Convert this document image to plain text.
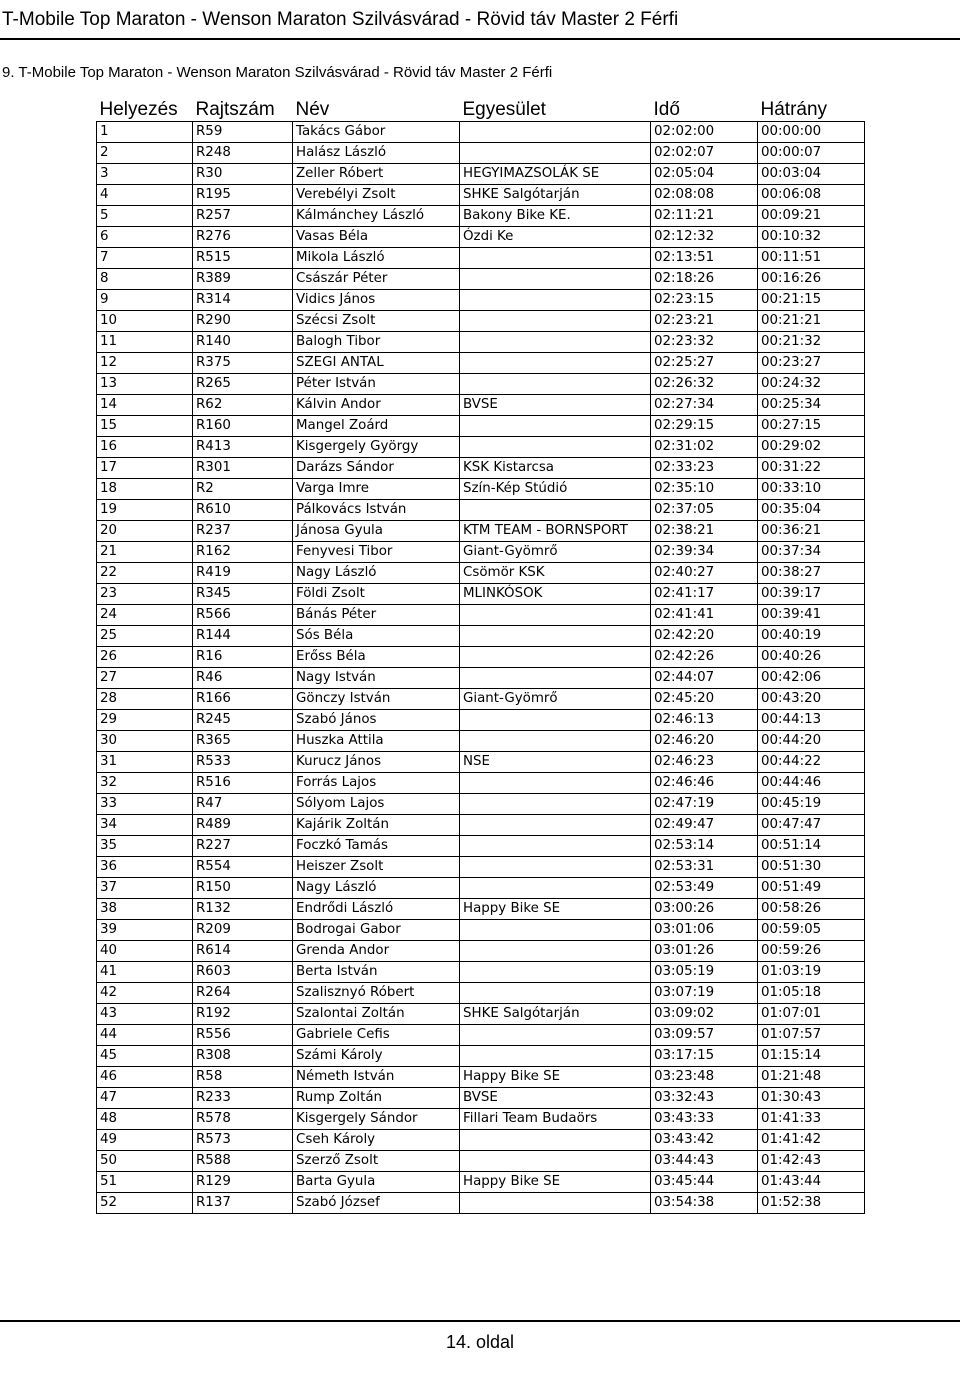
T-Mobile Top Maraton - Wenson Maraton Szilvásvárad - Rövid táv Master 2 Férfi
9. T-Mobile Top Maraton - Wenson Maraton Szilvásvárad - Rövid táv Master 2 Férfi
Helyezés	Rajtszám	Név	Egyesület	Idő	Hátrány
1	R59	Takács Gábor		02:02:00	00:00:00
2	R248	Halász László		02:02:07	00:00:07
3	R30	Zeller Róbert	HEGYIMAZSOLÁK SE	02:05:04	00:03:04
4	R195	Verebélyi Zsolt	SHKE Salgótarján	02:08:08	00:06:08
5	R257	Kálmánchey László	Bakony Bike KE.	02:11:21	00:09:21
6	R276	Vasas Béla	Ózdi Ke	02:12:32	00:10:32
7	R515	Mikola László		02:13:51	00:11:51
8	R389	Császár Péter		02:18:26	00:16:26
9	R314	Vidics János		02:23:15	00:21:15
10	R290	Szécsi Zsolt		02:23:21	00:21:21
11	R140	Balogh Tibor		02:23:32	00:21:32
12	R375	SZEGI ANTAL		02:25:27	00:23:27
13	R265	Péter István		02:26:32	00:24:32
14	R62	Kálvin Andor	BVSE	02:27:34	00:25:34
15	R160	Mangel Zoárd		02:29:15	00:27:15
16	R413	Kisgergely György		02:31:02	00:29:02
17	R301	Darázs Sándor	KSK Kistarcsa	02:33:23	00:31:22
18	R2	Varga Imre	Szín-Kép Stúdió	02:35:10	00:33:10
19	R610	Pálkovács István		02:37:05	00:35:04
20	R237	Jánosa Gyula	KTM TEAM - BORNSPORT	02:38:21	00:36:21
21	R162	Fenyvesi Tibor	Giant-Gyömrő	02:39:34	00:37:34
22	R419	Nagy László	Csömör KSK	02:40:27	00:38:27
23	R345	Földi Zsolt	MLINKÓSOK	02:41:17	00:39:17
24	R566	Bánás Péter		02:41:41	00:39:41
25	R144	Sós Béla		02:42:20	00:40:19
26	R16	Erőss Béla		02:42:26	00:40:26
27	R46	Nagy István		02:44:07	00:42:06
28	R166	Gönczy István	Giant-Gyömrő	02:45:20	00:43:20
29	R245	Szabó János		02:46:13	00:44:13
30	R365	Huszka Attila		02:46:20	00:44:20
31	R533	Kurucz János	NSE	02:46:23	00:44:22
32	R516	Forrás Lajos		02:46:46	00:44:46
33	R47	Sólyom Lajos		02:47:19	00:45:19
34	R489	Kajárik Zoltán		02:49:47	00:47:47
35	R227	Foczkó Tamás		02:53:14	00:51:14
36	R554	Heiszer Zsolt		02:53:31	00:51:30
37	R150	Nagy László		02:53:49	00:51:49
38	R132	Endrődi László	Happy Bike SE	03:00:26	00:58:26
39	R209	Bodrogai Gabor		03:01:06	00:59:05
40	R614	Grenda Andor		03:01:26	00:59:26
41	R603	Berta István		03:05:19	01:03:19
42	R264	Szalisznyó Róbert		03:07:19	01:05:18
43	R192	Szalontai Zoltán	SHKE Salgótarján	03:09:02	01:07:01
44	R556	Gabriele Cefis		03:09:57	01:07:57
45	R308	Számi Károly		03:17:15	01:15:14
46	R58	Németh István	Happy Bike SE	03:23:48	01:21:48
47	R233	Rump Zoltán	BVSE	03:32:43	01:30:43
48	R578	Kisgergely Sándor	Fillari Team Budaörs	03:43:33	01:41:33
49	R573	Cseh Károly		03:43:42	01:41:42
50	R588	Szerző Zsolt		03:44:43	01:42:43
51	R129	Barta Gyula	Happy Bike SE	03:45:44	01:43:44
52	R137	Szabó József		03:54:38	01:52:38
14. oldal
